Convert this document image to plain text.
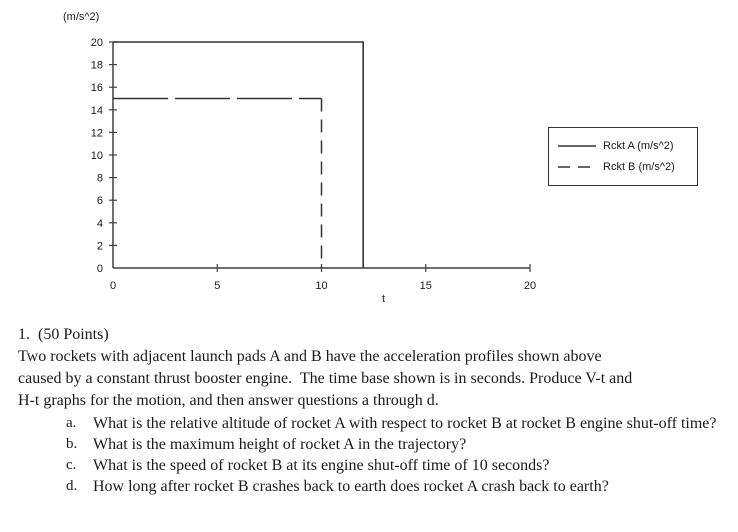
0
2
4
6
8
10
12
14
16
18
20
0	5	10	15	20
(m/s^2)
t
Rckt A (m/s^2)
Rckt B (m/s^2)
1.  (50 Points)
Two rockets with adjacent launch pads A and B have the acceleration profiles shown above
caused by a constant thrust booster engine.  The time base shown is in seconds. Produce V-t and
H-t graphs for the motion, and then answer questions a through d.
a.	What is the relative altitude of rocket A with respect to rocket B at rocket B engine shut-off time?
b. What is the maximum height of rocket A in the trajectory?
c.	What is the speed of rocket B at its engine shut-off time of 10 seconds?
d. How long after rocket B crashes back to earth does rocket A crash back to earth?
